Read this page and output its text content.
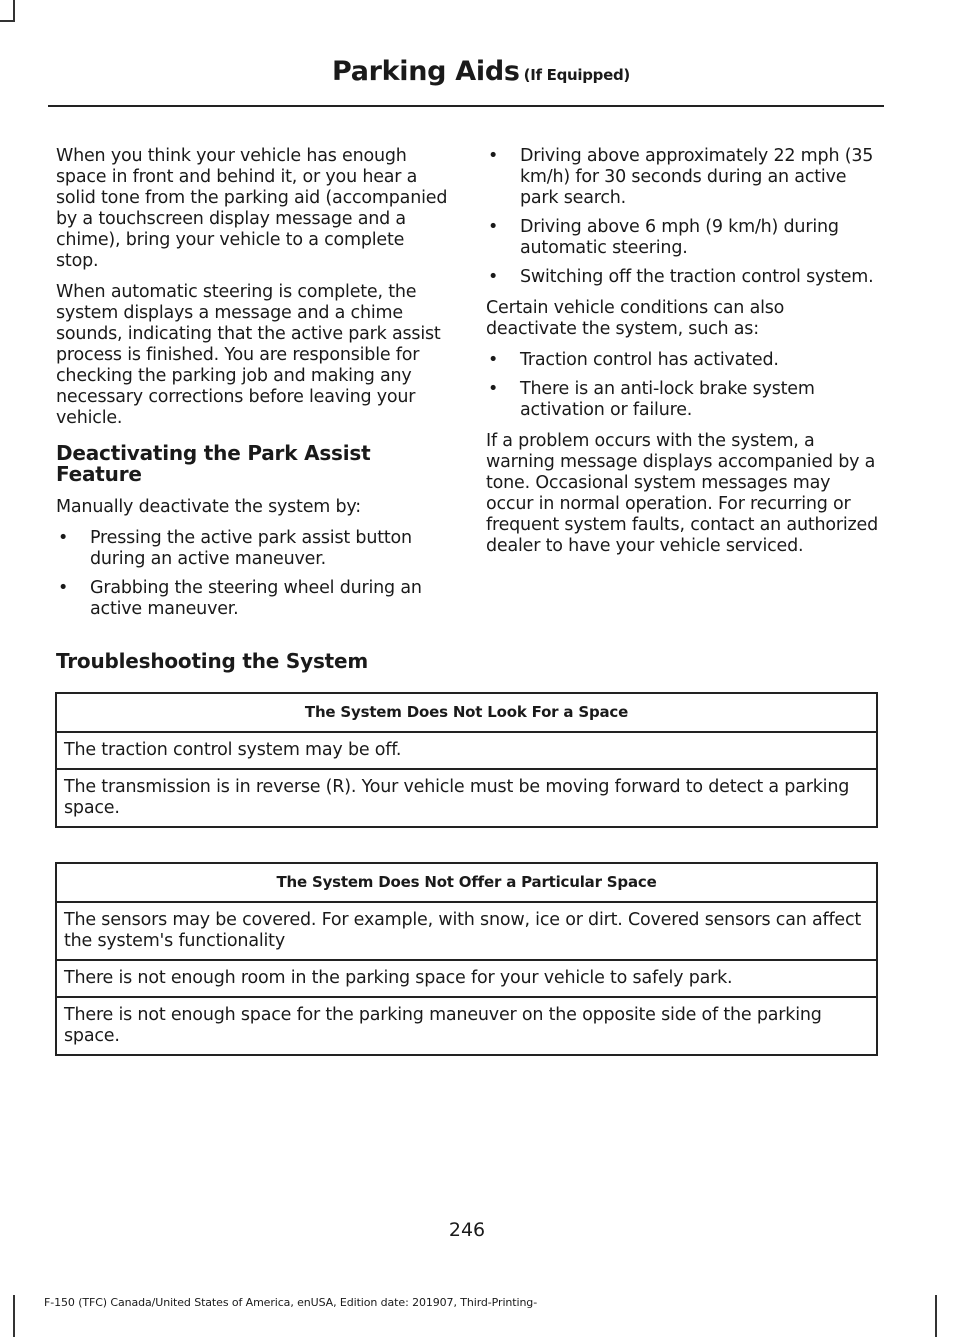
Parking Aids (If Equipped)

When you think your vehicle has enough space in front and behind it, or you hear a solid tone from the parking aid (accompanied by a touchscreen display message and a chime), bring your vehicle to a complete stop.

When automatic steering is complete, the system displays a message and a chime sounds, indicating that the active park assist process is finished. You are responsible for checking the parking job and making any necessary corrections before leaving your vehicle.

Deactivating the Park Assist Feature

Manually deactivate the system by:

• Pressing the active park assist button during an active maneuver.
• Grabbing the steering wheel during an active maneuver.
• Driving above approximately 22 mph (35 km/h) for 30 seconds during an active park search.
• Driving above 6 mph (9 km/h) during automatic steering.
• Switching off the traction control system.

Certain vehicle conditions can also deactivate the system, such as:

• Traction control has activated.
• There is an anti-lock brake system activation or failure.

If a problem occurs with the system, a warning message displays accompanied by a tone. Occasional system messages may occur in normal operation. For recurring or frequent system faults, contact an authorized dealer to have your vehicle serviced.

Troubleshooting the System
The System Does Not Look For a Space
The traction control system may be off.
The transmission is in reverse (R). Your vehicle must be moving forward to detect a parking space.
The System Does Not Offer a Particular Space
The sensors may be covered. For example, with snow, ice or dirt. Covered sensors can affect the system's functionality
There is not enough room in the parking space for your vehicle to safely park.
There is not enough space for the parking maneuver on the opposite side of the parking space.
246
F-150 (TFC) Canada/United States of America, enUSA, Edition date: 201907, Third-Printing-
